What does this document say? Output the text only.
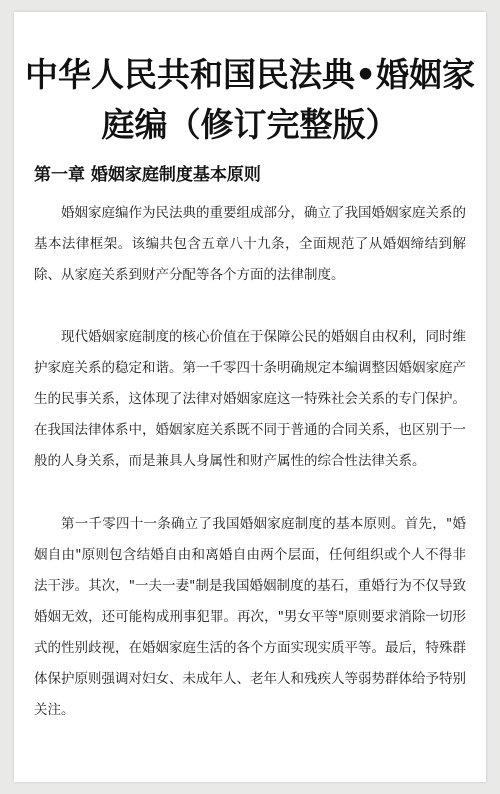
中华人民共和国民法典•婚姻家
庭编（修订完整版）
第一章 婚姻家庭制度基本原则

婚姻家庭编作为民法典的重要组成部分，确立了我国婚姻家庭关系的基本法律框架。该编共包含五章八十九条，全面规范了从婚姻缔结到解除、从家庭关系到财产分配等各个方面的法律制度。

现代婚姻家庭制度的核心价值在于保障公民的婚姻自由权利，同时维护家庭关系的稳定和谐。第一千零四十条明确规定本编调整因婚姻家庭产生的民事关系，这体现了法律对婚姻家庭这一特殊社会关系的专门保护。在我国法律体系中，婚姻家庭关系既不同于普通的合同关系，也区别于一般的人身关系，而是兼具人身属性和财产属性的综合性法律关系。

第一千零四十一条确立了我国婚姻家庭制度的基本原则。首先，"婚姻自由"原则包含结婚自由和离婚自由两个层面，任何组织或个人不得非法干涉。其次，"一夫一妻"制是我国婚姻制度的基石，重婚行为不仅导致婚姻无效，还可能构成刑事犯罪。再次，"男女平等"原则要求消除一切形式的性别歧视，在婚姻家庭生活的各个方面实现实质平等。最后，特殊群体保护原则强调对妇女、未成年人、老年人和残疾人等弱势群体给予特别关注。
